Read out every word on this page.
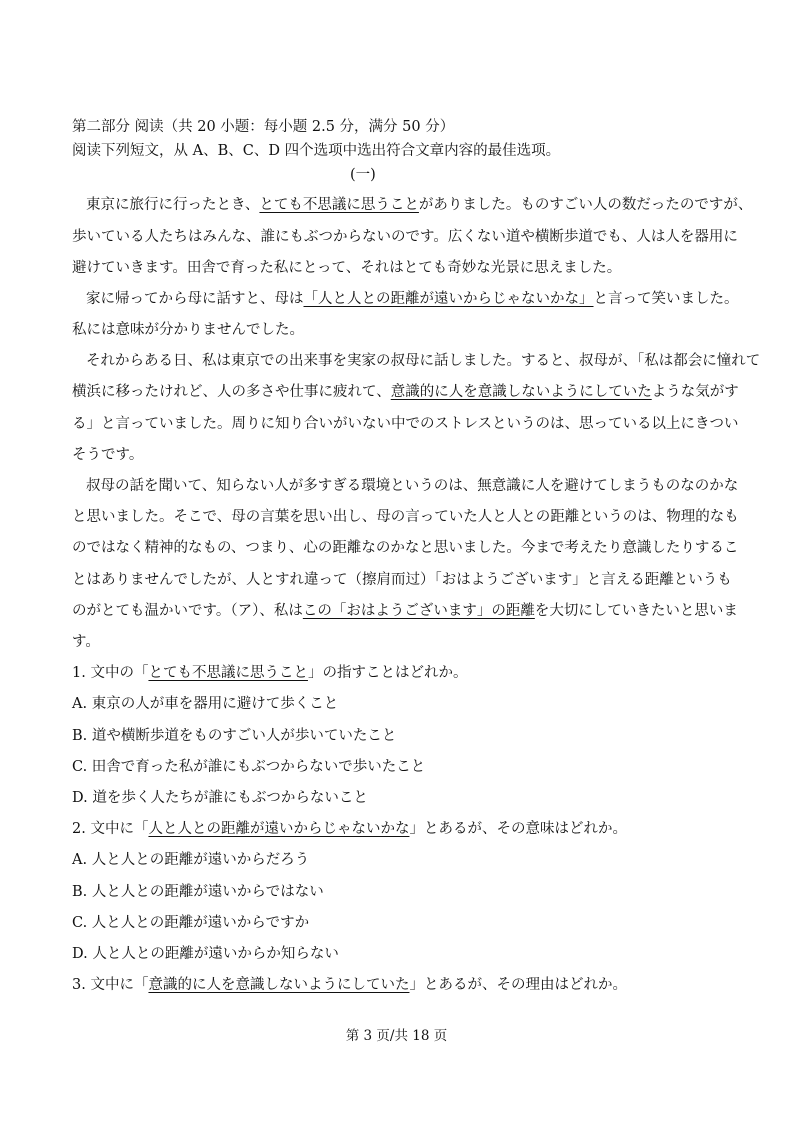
第二部分 阅读（共 20 小题：每小题 2.5 分，满分 50 分）
阅读下列短文，从 A、B、C、D 四个选项中选出符合文章内容的最佳选项。
(一)
東京に旅行に行ったとき、とても不思議に思うことがありました。ものすごい人の数だったのですが、
歩いている人たちはみんな、誰にもぶつからないのです。広くない道や横断歩道でも、人は人を器用に
避けていきます。田舎で育った私にとって、それはとても奇妙な光景に思えました。
家に帰ってから母に話すと、母は「人と人との距離が遠いからじゃないかな」と言って笑いました。
私には意味が分かりませんでした。
それからある日、私は東京での出来事を実家の叔母に話しました。すると、叔母が、「私は都会に憧れて
横浜に移ったけれど、人の多さや仕事に疲れて、意識的に人を意識しないようにしていたような気がす
る」と言っていました。周りに知り合いがいない中でのストレスというのは、思っている以上にきつい
そうです。
叔母の話を聞いて、知らない人が多すぎる環境というのは、無意識に人を避けてしまうものなのかな
と思いました。そこで、母の言葉を思い出し、母の言っていた人と人との距離というのは、物理的なも
のではなく精神的なもの、つまり、心の距離なのかなと思いました。今まで考えたり意識したりするこ
とはありませんでしたが、人とすれ違って（擦肩而过）「おはようございます」と言える距離というも
のがとても温かいです。（ア）、私はこの「おはようございます」の距離を大切にしていきたいと思いま
す。
1. 文中の「とても不思議に思うこと」の指すことはどれか。
A. 東京の人が車を器用に避けて歩くこと
B. 道や横断歩道をものすごい人が歩いていたこと
C. 田舎で育った私が誰にもぶつからないで歩いたこと
D. 道を歩く人たちが誰にもぶつからないこと
2. 文中に「人と人との距離が遠いからじゃないかな」とあるが、その意味はどれか。
A. 人と人との距離が遠いからだろう
B. 人と人との距離が遠いからではない
C. 人と人との距離が遠いからですか
D. 人と人との距離が遠いからか知らない
3. 文中に「意識的に人を意識しないようにしていた」とあるが、その理由はどれか。
第 3 页/共 18 页
